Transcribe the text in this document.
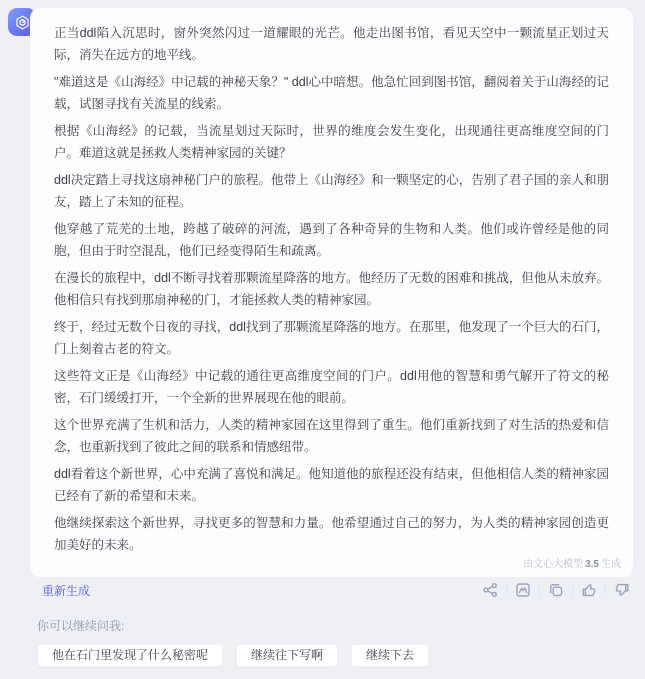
正当ddl陷入沉思时，窗外突然闪过一道耀眼的光芒。他走出图书馆，看见天空中一颗流星正划过天际，消失在远方的地平线。

"难道这是《山海经》中记载的神秘天象？" ddl心中暗想。他急忙回到图书馆，翻阅着关于山海经的记载，试图寻找有关流星的线索。

根据《山海经》的记载，当流星划过天际时，世界的维度会发生变化，出现通往更高维度空间的门户。难道这就是拯救人类精神家园的关键？

ddl决定踏上寻找这扇神秘门户的旅程。他带上《山海经》和一颗坚定的心，告别了君子国的亲人和朋友，踏上了未知的征程。

他穿越了荒芜的土地，跨越了破碎的河流，遇到了各种奇异的生物和人类。他们或许曾经是他的同胞，但由于时空混乱，他们已经变得陌生和疏离。

在漫长的旅程中，ddl不断寻找着那颗流星降落的地方。他经历了无数的困难和挑战，但他从未放弃。他相信只有找到那扇神秘的门，才能拯救人类的精神家园。

终于，经过无数个日夜的寻找，ddl找到了那颗流星降落的地方。在那里，他发现了一个巨大的石门，门上刻着古老的符文。

这些符文正是《山海经》中记载的通往更高维度空间的门户。ddl用他的智慧和勇气解开了符文的秘密，石门缓缓打开，一个全新的世界展现在他的眼前。

这个世界充满了生机和活力，人类的精神家园在这里得到了重生。他们重新找到了对生活的热爱和信念，也重新找到了彼此之间的联系和情感纽带。

ddl看着这个新世界，心中充满了喜悦和满足。他知道他的旅程还没有结束，但他相信人类的精神家园已经有了新的希望和未来。

他继续探索这个新世界，寻找更多的智慧和力量。他希望通过自己的努力，为人类的精神家园创造更加美好的未来。

由文心大模型 3.5 生成
重新生成
你可以继续问我:
他在石门里发现了什么秘密呢	继续往下写啊	继续下去
